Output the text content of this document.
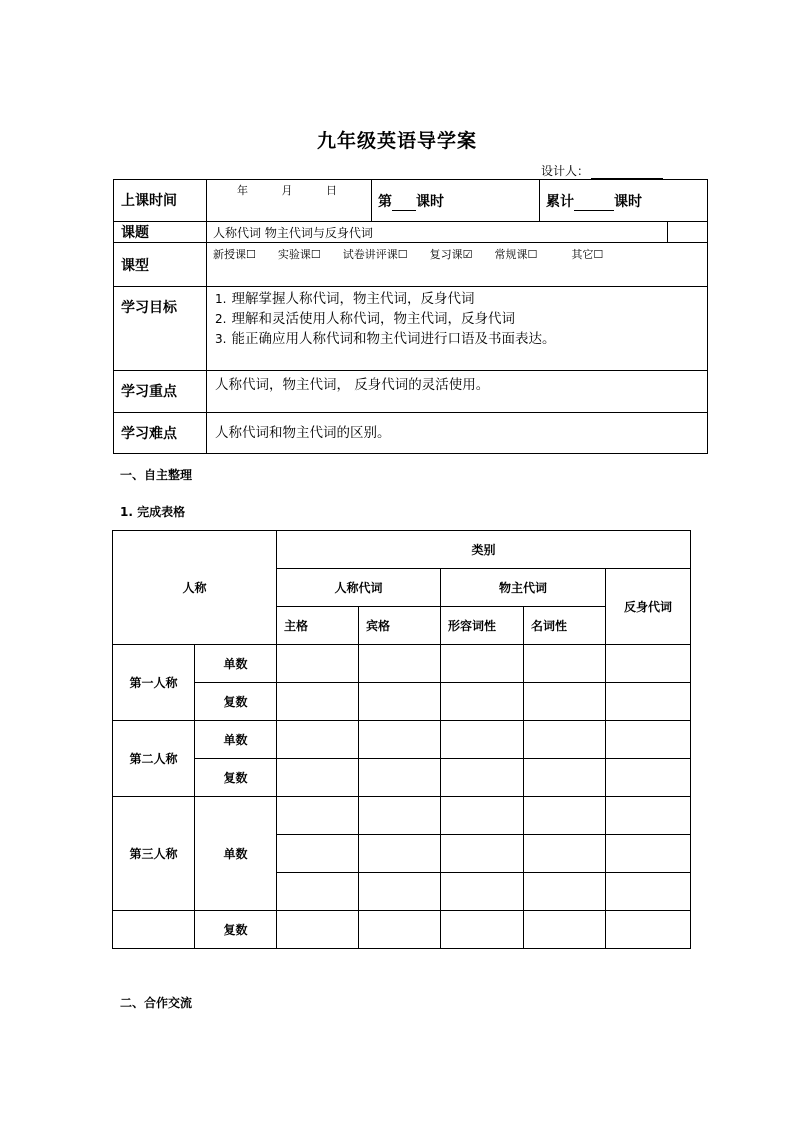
九年级英语导学案
设计人：
上课时间	年 月 日	第 课时	累计 课时	
课题	人称代词 物主代词与反身代词			
课型	新授课☐ 实验课☐ 试卷讲评课☐ 复习课☑ 常规课☐ 其它☐			
学习目标	1. 理解掌握人称代词，物主代词，反身代词
2. 理解和灵活使用人称代词，物主代词，反身代词
3. 能正确应用人称代词和物主代词进行口语及书面表达。			

学习重点	人称代词，物主代词， 反身代词的灵活使用。			
学习难点	人称代词和物主代词的区别。			
一、自主整理
1. 完成表格
人称		类别				
		人称代词		物主代词		反身代词
		主格	宾格	形容词性	名词性	
第一人称	单数					
	复数					
第二人称	单数					
	复数					
第三人称	单数					

	复数					
二、合作交流
